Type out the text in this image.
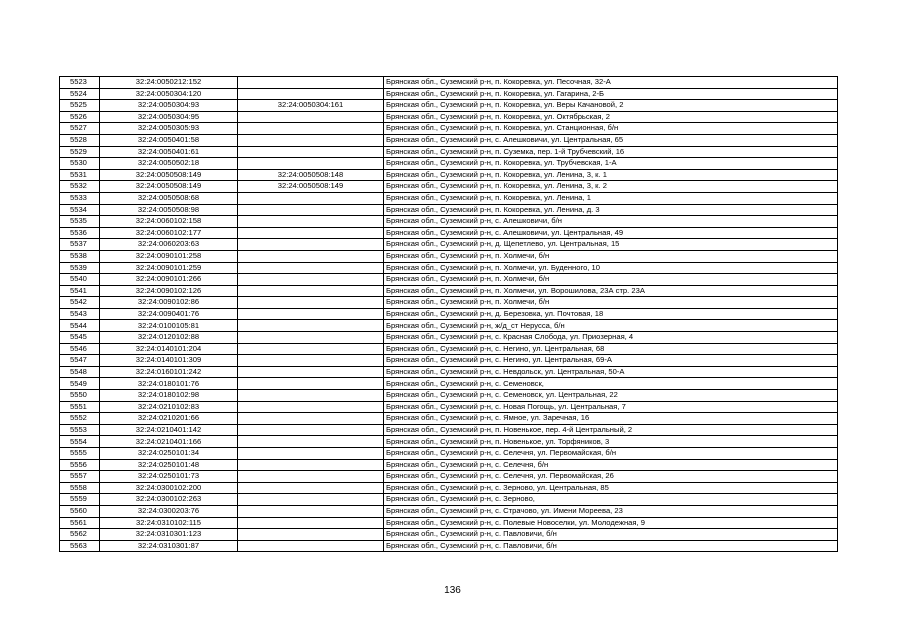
5523	32:24:0050212:152		Брянская обл., Суземский р-н, п. Кокоревка, ул. Песочная, 32-А
5524	32:24:0050304:120		Брянская обл., Суземский р-н, п. Кокоревка, ул. Гагарина, 2-Б
5525	32:24:0050304:93	32:24:0050304:161	Брянская обл., Суземский р-н, п. Кокоревка, ул. Веры Качановой, 2
5526	32:24:0050304:95		Брянская обл., Суземский р-н, п. Кокоревка, ул. Октябрьская, 2
5527	32:24:0050305:93		Брянская обл., Суземский р-н, п. Кокоревка, ул. Станционная, б/н
5528	32:24:0050401:58		Брянская обл., Суземский р-н, с. Алешковичи, ул. Центральная, 65
5529	32:24:0050401:61		Брянская обл., Суземский р-н, п. Суземка, пер. 1-й Трубчевский, 16
5530	32:24:0050502:18		Брянская обл., Суземский р-н, п. Кокоревка, ул. Трубчевская, 1-А
5531	32:24:0050508:149	32:24:0050508:148	Брянская обл., Суземский р-н, п. Кокоревка, ул. Ленина, 3, к. 1
5532	32:24:0050508:149	32:24:0050508:149	Брянская обл., Суземский р-н, п. Кокоревка, ул. Ленина, 3, к. 2
5533	32:24:0050508:68		Брянская обл., Суземский р-н, п. Кокоревка, ул. Ленина, 1
5534	32:24:0050508:98		Брянская обл., Суземский р-н, п. Кокоревка, ул. Ленина, д. 3
5535	32:24:0060102:158		Брянская обл., Суземский р-н, с. Алешковичи, б/н
5536	32:24:0060102:177		Брянская обл., Суземский р-н, с. Алешковичи, ул. Центральная, 49
5537	32:24:0060203:63		Брянская обл., Суземский р-н, д. Щепетлево, ул. Центральная, 15
5538	32:24:0090101:258		Брянская обл., Суземский р-н, п. Холмечи, б/н
5539	32:24:0090101:259		Брянская обл., Суземский р-н, п. Холмечи, ул. Буденного, 10
5540	32:24:0090101:266		Брянская обл., Суземский р-н, п. Холмечи, б/н
5541	32:24:0090102:126		Брянская обл., Суземский р-н, п. Холмечи, ул. Ворошилова, 23А стр. 23А
5542	32:24:0090102:86		Брянская обл., Суземский р-н, п. Холмечи, б/н
5543	32:24:0090401:76		Брянская обл., Суземский р-н, д. Березовка, ул. Почтовая, 18
5544	32:24:0100105:81		Брянская обл., Суземский р-н, ж/д_ст Неруcса, б/н
5545	32:24:0120102:88		Брянская обл., Суземский р-н, с. Красная Слобода, ул. Приозерная, 4
5546	32:24:0140101:204		Брянская обл., Суземский р-н, с. Негино, ул. Центральная, 68
5547	32:24:0140101:309		Брянская обл., Суземский р-н, с. Негино, ул. Центральная, 69-А
5548	32:24:0160101:242		Брянская обл., Суземский р-н, с. Невдольск, ул. Центральная, 50-А
5549	32:24:0180101:76		Брянская обл., Суземский р-н, с. Семеновск,
5550	32:24:0180102:98		Брянская обл., Суземский р-н, с. Семеновск, ул. Центральная, 22
5551	32:24:0210102:83		Брянская обл., Суземский р-н, с. Новая Погощь, ул. Центральная, 7
5552	32:24:0210201:66		Брянская обл., Суземский р-н, с. Ямное, ул. Заречная, 16
5553	32:24:0210401:142		Брянская обл., Суземский р-н, п. Новенькое, пер. 4-й Центральный, 2
5554	32:24:0210401:166		Брянская обл., Суземский р-н, п. Новенькое, ул. Торфяников, 3
5555	32:24:0250101:34		Брянская обл., Суземский р-н, с. Селечня, ул. Первомайская, б/н
5556	32:24:0250101:48		Брянская обл., Суземский р-н, с. Селечня, б/н
5557	32:24:0250101:73		Брянская обл., Суземский р-н, с. Селечня, ул. Первомайская, 26
5558	32:24:0300102:200		Брянская обл., Суземский р-н, с. Зерново, ул. Центральная, 85
5559	32:24:0300102:263		Брянская обл., Суземский р-н, с. Зерново,
5560	32:24:0300203:76		Брянская обл., Суземский р-н, с. Страчово, ул. Имени Мореева, 23
5561	32:24:0310102:115		Брянская обл., Суземский р-н, с. Полевые Новоселки, ул. Молодежная, 9
5562	32:24:0310301:123		Брянская обл., Суземский р-н, с. Павловичи, б/н
5563	32:24:0310301:87		Брянская обл., Суземский р-н, с. Павловичи, б/н
136
